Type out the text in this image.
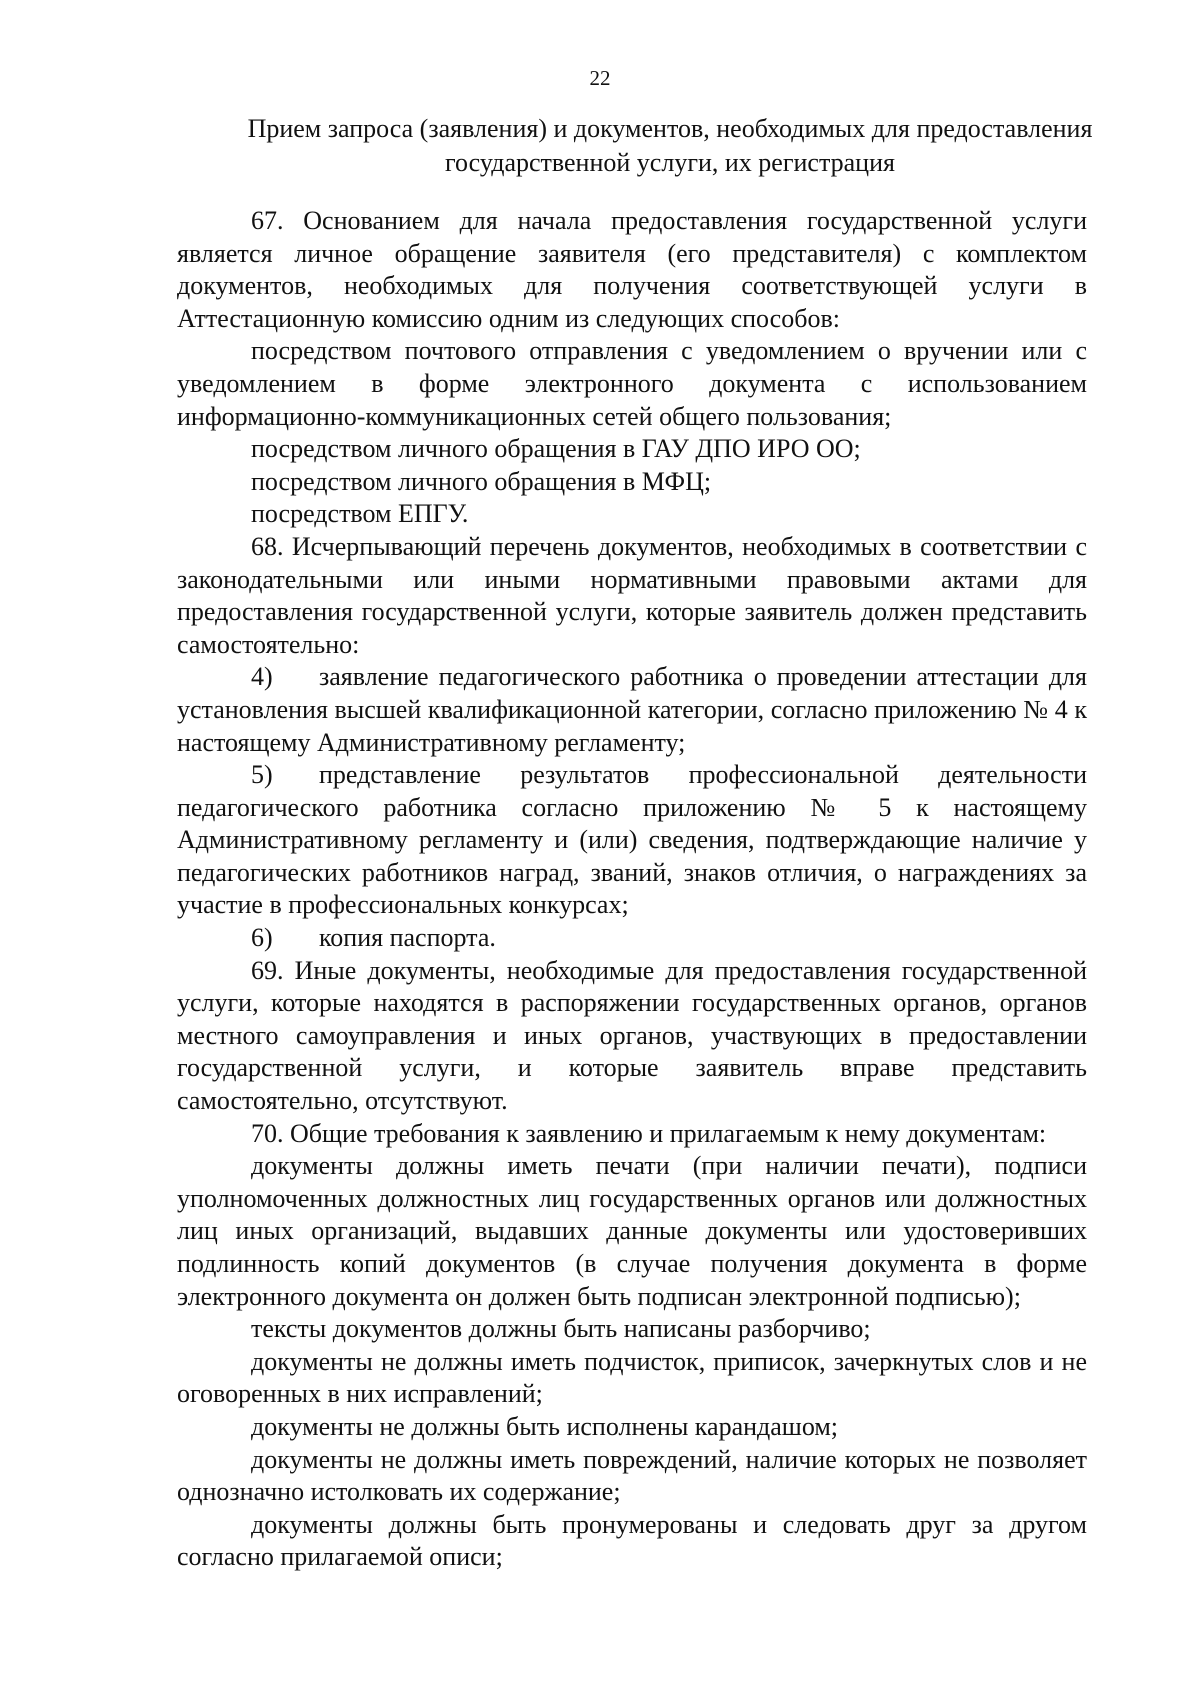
22
Прием запроса (заявления) и документов, необходимых для предоставления государственной услуги, их регистрация

67. Основанием для начала предоставления государственной услуги является личное обращение заявителя (его представителя) с комплектом документов, необходимых для получения соответствующей услуги в Аттестационную комиссию одним из следующих способов:

посредством почтового отправления с уведомлением о вручении или с уведомлением в форме электронного документа с использованием информационно-коммуникационных сетей общего пользования;

посредством личного обращения в ГАУ ДПО ИРО ОО;

посредством личного обращения в МФЦ;

посредством ЕПГУ.

68. Исчерпывающий перечень документов, необходимых в соответствии с законодательными или иными нормативными правовыми актами для предоставления государственной услуги, которые заявитель должен представить самостоятельно:

4) заявление педагогического работника о проведении аттестации для установления высшей квалификационной категории, согласно приложению № 4 к настоящему Административному регламенту;

5) представление результатов профессиональной деятельности педагогического работника согласно приложению № 5 к настоящему Административному регламенту и (или) сведения, подтверждающие наличие у педагогических работников наград, званий, знаков отличия, о награждениях за участие в профессиональных конкурсах;

6) копия паспорта.

69. Иные документы, необходимые для предоставления государственной услуги, которые находятся в распоряжении государственных органов, органов местного самоуправления и иных органов, участвующих в предоставлении государственной услуги, и которые заявитель вправе представить самостоятельно, отсутствуют.

70. Общие требования к заявлению и прилагаемым к нему документам:

документы должны иметь печати (при наличии печати), подписи уполномоченных должностных лиц государственных органов или должностных лиц иных организаций, выдавших данные документы или удостоверивших подлинность копий документов (в случае получения документа в форме электронного документа он должен быть подписан электронной подписью);

тексты документов должны быть написаны разборчиво;

документы не должны иметь подчисток, приписок, зачеркнутых слов и не оговоренных в них исправлений;

документы не должны быть исполнены карандашом;

документы не должны иметь повреждений, наличие которых не позволяет однозначно истолковать их содержание;

документы должны быть пронумерованы и следовать друг за другом согласно прилагаемой описи;
